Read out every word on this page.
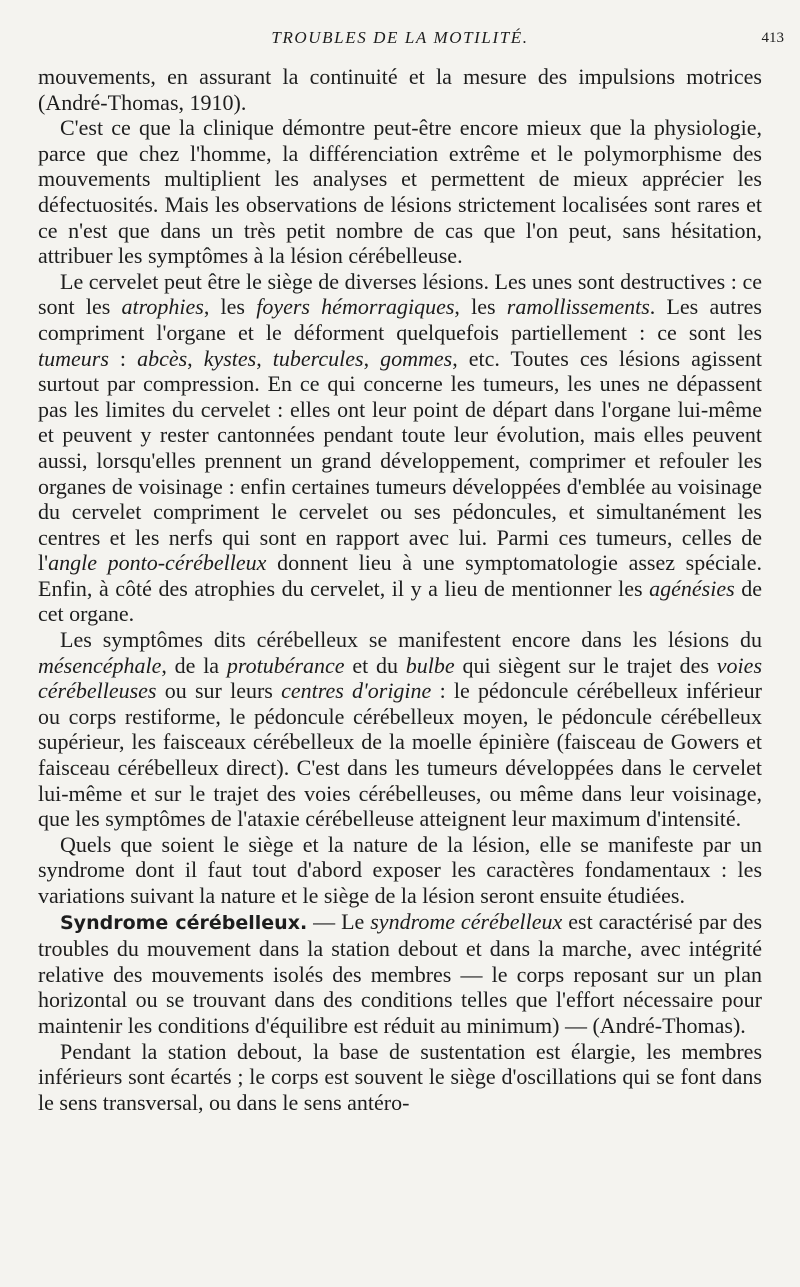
TROUBLES DE LA MOTILITÉ.	413

mouvements, en assurant la continuité et la mesure des impulsions motrices (André-Thomas, 1910).

C'est ce que la clinique démontre peut-être encore mieux que la physiologie, parce que chez l'homme, la différenciation extrême et le polymorphisme des mouvements multiplient les analyses et permettent de mieux apprécier les défectuosités. Mais les observations de lésions strictement localisées sont rares et ce n'est que dans un très petit nombre de cas que l'on peut, sans hésitation, attribuer les symptômes à la lésion cérébelleuse.

Le cervelet peut être le siège de diverses lésions. Les unes sont destructives : ce sont les atrophies, les foyers hémorragiques, les ramollissements. Les autres compriment l'organe et le déforment quelquefois partiellement : ce sont les tumeurs : abcès, kystes, tubercules, gommes, etc. Toutes ces lésions agissent surtout par compression. En ce qui concerne les tumeurs, les unes ne dépassent pas les limites du cervelet : elles ont leur point de départ dans l'organe lui-même et peuvent y rester cantonnées pendant toute leur évolution, mais elles peuvent aussi, lorsqu'elles prennent un grand développement, comprimer et refouler les organes de voisinage : enfin certaines tumeurs développées d'emblée au voisinage du cervelet compriment le cervelet ou ses pédoncules, et simultanément les centres et les nerfs qui sont en rapport avec lui. Parmi ces tumeurs, celles de l'angle ponto-cérébelleux donnent lieu à une symptomatologie assez spéciale. Enfin, à côté des atrophies du cervelet, il y a lieu de mentionner les agénésies de cet organe.

Les symptômes dits cérébelleux se manifestent encore dans les lésions du mésencéphale, de la protubérance et du bulbe qui siègent sur le trajet des voies cérébelleuses ou sur leurs centres d'origine : le pédoncule cérébelleux inférieur ou corps restiforme, le pédoncule cérébelleux moyen, le pédoncule cérébelleux supérieur, les faisceaux cérébelleux de la moelle épinière (faisceau de Gowers et faisceau cérébelleux direct). C'est dans les tumeurs développées dans le cervelet lui-même et sur le trajet des voies cérébelleuses, ou même dans leur voisinage, que les symptômes de l'ataxie cérébelleuse atteignent leur maximum d'intensité.

Quels que soient le siège et la nature de la lésion, elle se manifeste par un syndrome dont il faut tout d'abord exposer les caractères fondamentaux : les variations suivant la nature et le siège de la lésion seront ensuite étudiées.

Syndrome cérébelleux. — Le syndrome cérébelleux est caractérisé par des troubles du mouvement dans la station debout et dans la marche, avec intégrité relative des mouvements isolés des membres — le corps reposant sur un plan horizontal ou se trouvant dans des conditions telles que l'effort nécessaire pour maintenir les conditions d'équilibre est réduit au minimum) — (André-Thomas).

Pendant la station debout, la base de sustentation est élargie, les membres inférieurs sont écartés ; le corps est souvent le siège d'oscillations qui se font dans le sens transversal, ou dans le sens antéro-
